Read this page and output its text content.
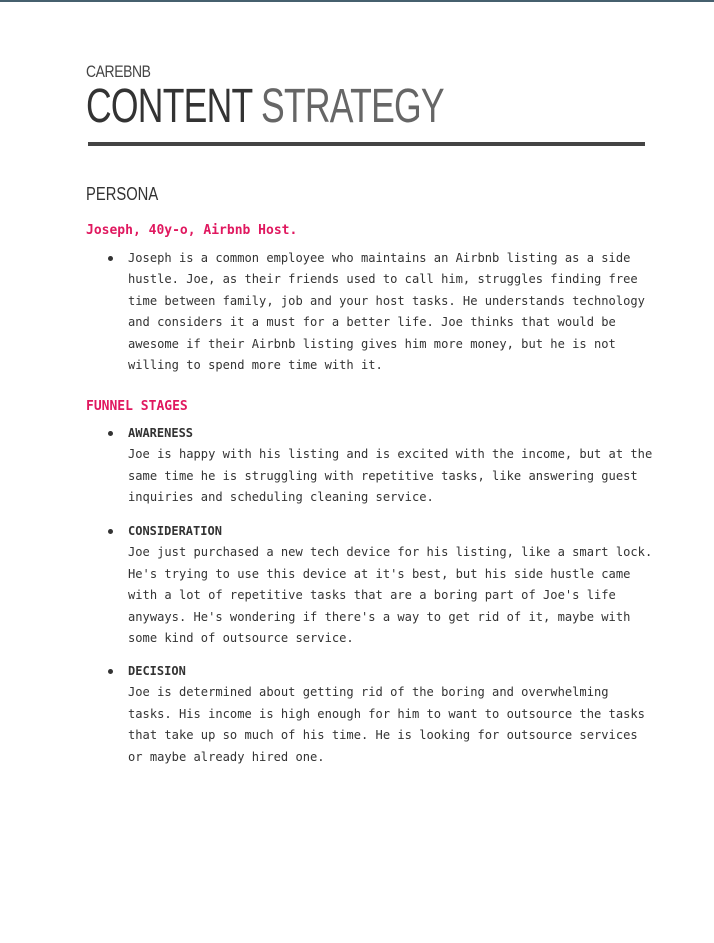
CAREBNB
CONTENT STRATEGY
PERSONA
Joseph, 40y-o, Airbnb Host.
Joseph is a common employee who maintains an Airbnb listing as a side
hustle. Joe, as their friends used to call him, struggles finding free
time between family, job and your host tasks. He understands technology
and considers it a must for a better life. Joe thinks that would be
awesome if their Airbnb listing gives him more money, but he is not
willing to spend more time with it.
FUNNEL STAGES
AWARENESS
Joe is happy with his listing and is excited with the income, but at the
same time he is struggling with repetitive tasks, like answering guest
inquiries and scheduling cleaning service.
CONSIDERATION
Joe just purchased a new tech device for his listing, like a smart lock.
He's trying to use this device at it's best, but his side hustle came
with a lot of repetitive tasks that are a boring part of Joe's life
anyways. He's wondering if there's a way to get rid of it, maybe with
some kind of outsource service.
DECISION
Joe is determined about getting rid of the boring and overwhelming
tasks. His income is high enough for him to want to outsource the tasks
that take up so much of his time. He is looking for outsource services
or maybe already hired one.
